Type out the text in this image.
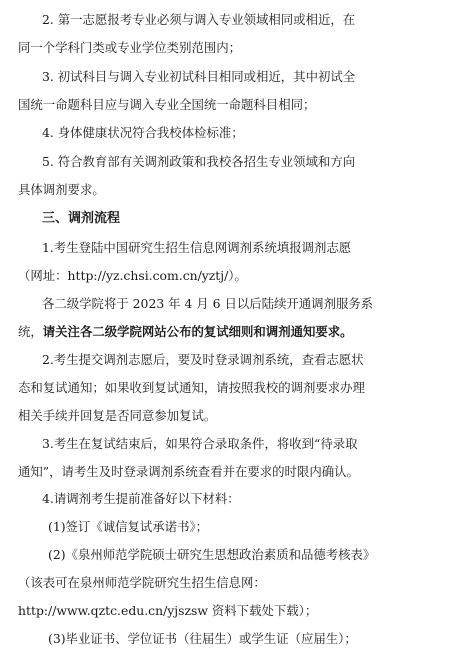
2. 第一志愿报考专业必须与调入专业领域相同或相近，在
同一个学科门类或专业学位类别范围内；
3. 初试科目与调入专业初试科目相同或相近，其中初试全
国统一命题科目应与调入专业全国统一命题科目相同；
4. 身体健康状况符合我校体检标准；
5. 符合教育部有关调剂政策和我校各招生专业领域和方向
具体调剂要求。
三、调剂流程
1.考生登陆中国研究生招生信息网调剂系统填报调剂志愿
（网址：http://yz.chsi.com.cn/yztj/）。
各二级学院将于 2023 年 4 月 6 日以后陆续开通调剂服务系
统，请关注各二级学院网站公布的复试细则和调剂通知要求。
2.考生提交调剂志愿后，要及时登录调剂系统，查看志愿状
态和复试通知；如果收到复试通知，请按照我校的调剂要求办理
相关手续并回复是否同意参加复试。
3.考生在复试结束后，如果符合录取条件，将收到“待录取
通知”，请考生及时登录调剂系统查看并在要求的时限内确认。
4.请调剂考生提前准备好以下材料：
(1)签订《诚信复试承诺书》；
(2)《泉州师范学院硕士研究生思想政治素质和品德考核表》
（该表可在泉州师范学院研究生招生信息网：
http://www.qztc.edu.cn/yjszsw 资料下载处下载）；
(3)毕业证书、学位证书（往届生）或学生证（应届生）；
